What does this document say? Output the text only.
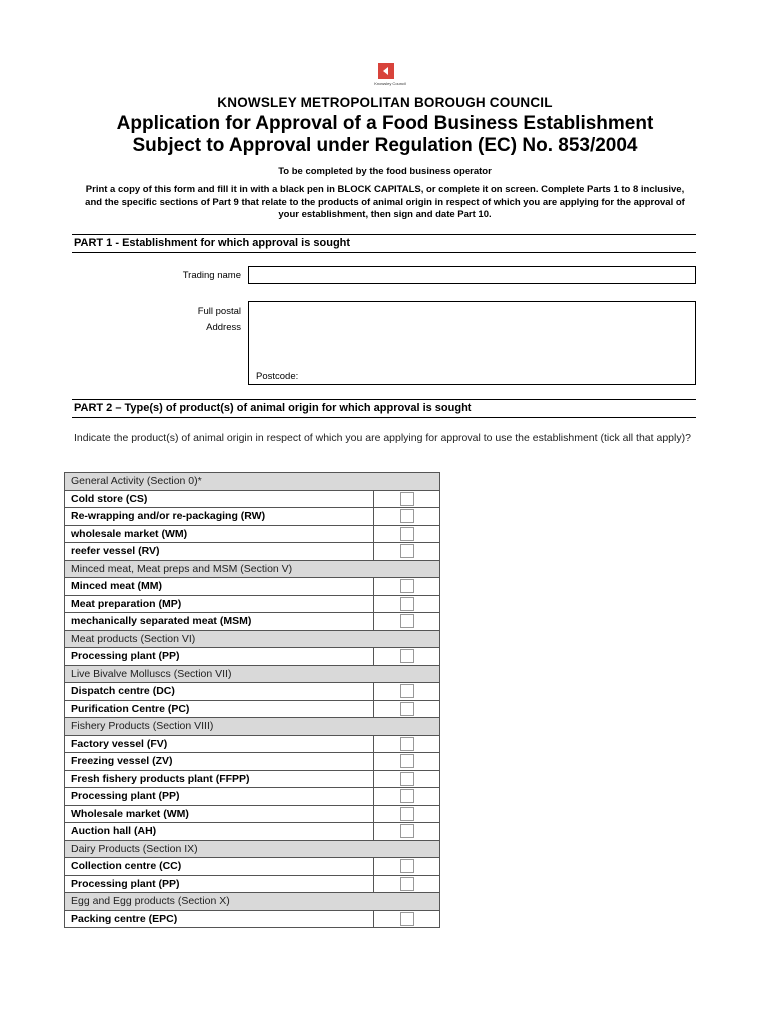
Knowsley Council
KNOWSLEY METROPOLITAN BOROUGH COUNCIL
Application for Approval of a Food Business Establishment
Subject to Approval under Regulation (EC) No. 853/2004
To be completed by the food business operator
Print a copy of this form and fill it in with a black pen in BLOCK CAPITALS, or complete it on screen. Complete Parts 1 to 8 inclusive, and the specific sections of Part 9 that relate to the products of animal origin in respect of which you are applying for the approval of your establishment, then sign and date Part 10.
PART 1 - Establishment for which approval is sought
Trading name
Full postal
Address
Postcode:
PART 2 – Type(s) of product(s) of animal origin for which approval is sought
Indicate the product(s) of animal origin in respect of which you are applying for approval to use the establishment (tick all that apply)?
General Activity (Section 0)*	
Cold store (CS)	
Re-wrapping and/or re-packaging (RW)	
wholesale market (WM)	
reefer vessel (RV)	
Minced meat, Meat preps and MSM (Section V)	
Minced meat (MM)	
Meat preparation (MP)	
mechanically separated meat (MSM)	
Meat products (Section VI)	
Processing plant (PP)	
Live Bivalve Molluscs (Section VII)	
Dispatch centre (DC)	
Purification Centre (PC)	
Fishery Products (Section VIII)	
Factory vessel (FV)	
Freezing vessel (ZV)	
Fresh fishery products plant (FFPP)	
Processing plant (PP)	
Wholesale market (WM)	
Auction hall (AH)	
Dairy Products (Section IX)	
Collection centre (CC)	
Processing plant (PP)	
Egg and Egg products (Section X)	
Packing centre (EPC)	
